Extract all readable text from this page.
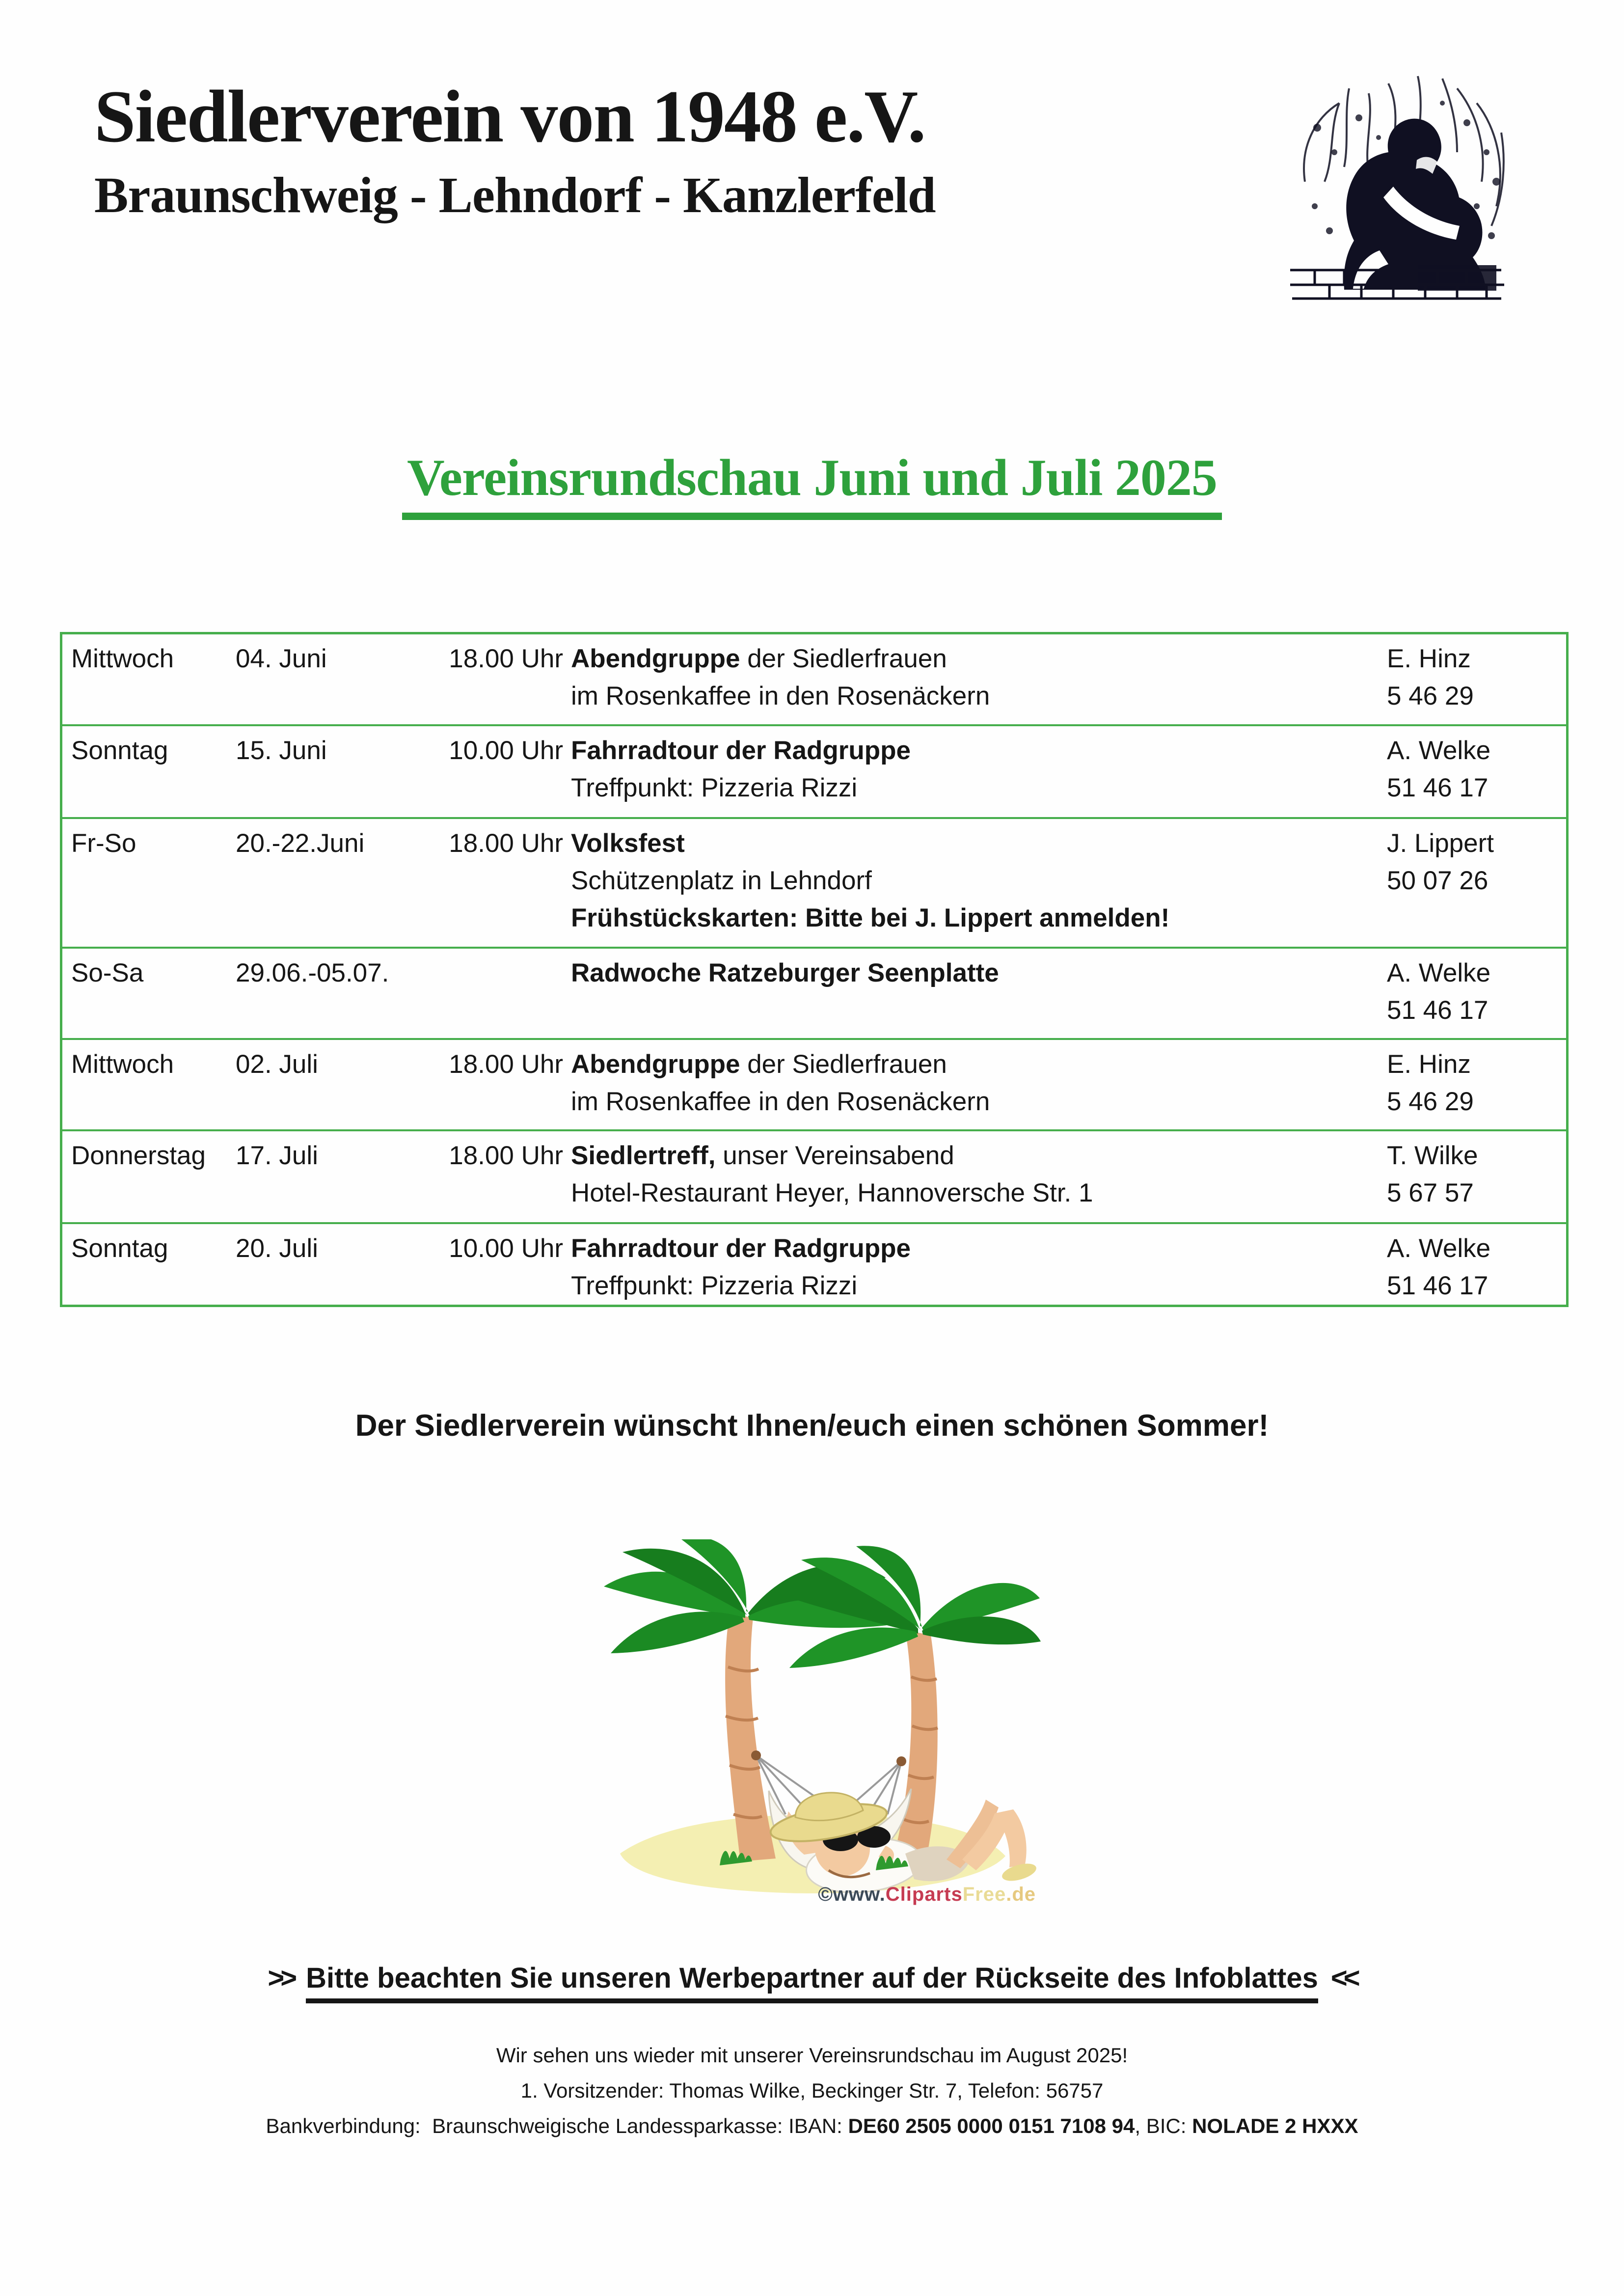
Siedlerverein von 1948 e.V.
Braunschweig - Lehndorf - Kanzlerfeld
Vereinsrundschau Juni und Juli 2025
Mittwoch 04. Juni	18.00 Uhr Abendgruppe der Siedlerfrauen
im Rosenkaffee in den Rosenäckern
E. Hinz
5 46 29
Sonntag	15. Juni	10.00 Uhr Fahrradtour der Radgruppe
Treffpunkt: Pizzeria Rizzi
A. Welke
51 46 17
Fr-So	20.-22.Juni	18.00 Uhr Volksfest
Schützenplatz in Lehndorf
Frühstückskarten: Bitte bei J. Lippert anmelden!
J. Lippert
50 07 26
So-Sa	29.06.-05.07.	Radwoche Ratzeburger Seenplatte	A. Welke
51 46 17
Mittwoch 02. Juli	18.00 Uhr Abendgruppe der Siedlerfrauen
im Rosenkaffee in den Rosenäckern
E. Hinz
5 46 29
Donnerstag 17. Juli	18.00 Uhr Siedlertreff, unser Vereinsabend
Hotel-Restaurant Heyer, Hannoversche Str. 1
T. Wilke
5 67 57
Sonntag	20. Juli	10.00 Uhr Fahrradtour der Radgruppe
Treffpunkt: Pizzeria Rizzi
A. Welke
51 46 17
Der Siedlerverein wünscht Ihnen/euch einen schönen Sommer!
©www.ClipartsFree.de
>> Bitte beachten Sie unseren Werbepartner auf der Rückseite des Infoblattes <<
Wir sehen uns wieder mit unserer Vereinsrundschau im August 2025!
1. Vorsitzender: Thomas Wilke, Beckinger Str. 7, Telefon: 56757
Bankverbindung:  Braunschweigische Landessparkasse: IBAN: DE60 2505 0000 0151 7108 94, BIC: NOLADE 2 HXXX
